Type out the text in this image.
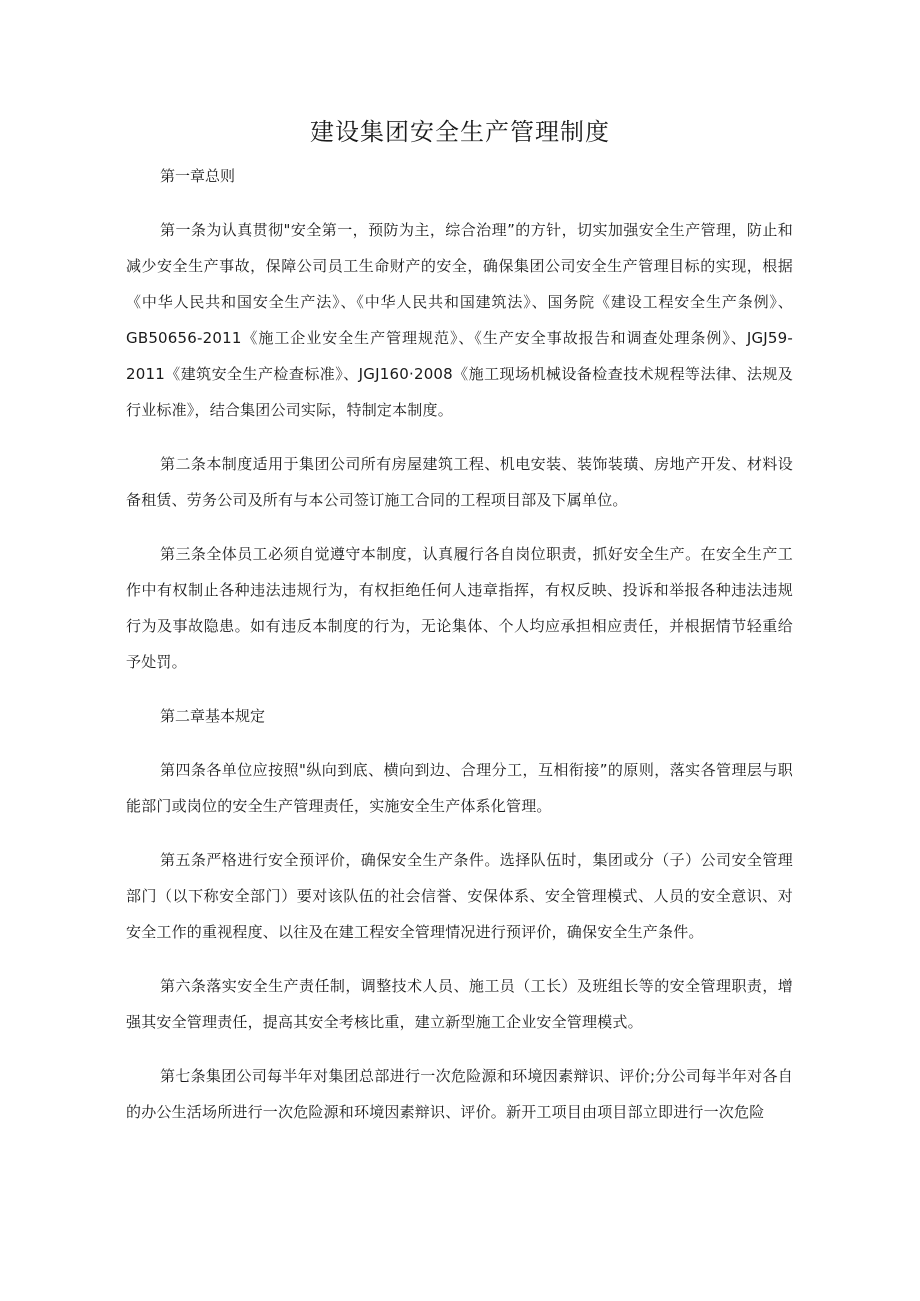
建设集团安全生产管理制度

第一章总则

第一条为认真贯彻"安全第一，预防为主，综合治理”的方针，切实加强安全生产管理，防止和减少安全生产事故，保障公司员工生命财产的安全，确保集团公司安全生产管理目标的实现，根据《中华人民共和国安全生产法》、《中华人民共和国建筑法》、国务院《建设工程安全生产条例》、GB50656-2011《施工企业安全生产管理规范》、《生产安全事故报告和调查处理条例》、JGJ59-2011《建筑安全生产检查标准》、JGJ160·2008《施工现场机械设备检查技术规程等法律、法规及行业标准》，结合集团公司实际，特制定本制度。

第二条本制度适用于集团公司所有房屋建筑工程、机电安装、装饰装璜、房地产开发、材料设备租赁、劳务公司及所有与本公司签订施工合同的工程项目部及下属单位。

第三条全体员工必须自觉遵守本制度，认真履行各自岗位职责，抓好安全生产。在安全生产工作中有权制止各种违法违规行为，有权拒绝任何人违章指挥，有权反映、投诉和举报各种违法违规行为及事故隐患。如有违反本制度的行为，无论集体、个人均应承担相应责任，并根据情节轻重给予处罚。

第二章基本规定

第四条各单位应按照"纵向到底、横向到边、合理分工，互相衔接”的原则，落实各管理层与职能部门或岗位的安全生产管理责任，实施安全生产体系化管理。

第五条严格进行安全预评价，确保安全生产条件。选择队伍时，集团或分（子）公司安全管理部门（以下称安全部门）要对该队伍的社会信誉、安保体系、安全管理模式、人员的安全意识、对安全工作的重视程度、以往及在建工程安全管理情况进行预评价，确保安全生产条件。

第六条落实安全生产责任制，调整技术人员、施工员（工长）及班组长等的安全管理职责，增强其安全管理责任，提高其安全考核比重，建立新型施工企业安全管理模式。

第七条集团公司每半年对集团总部进行一次危险源和环境因素辩识、评价;分公司每半年对各自的办公生活场所进行一次危险源和环境因素辩识、评价。新开工项目由项目部立即进行一次危险
